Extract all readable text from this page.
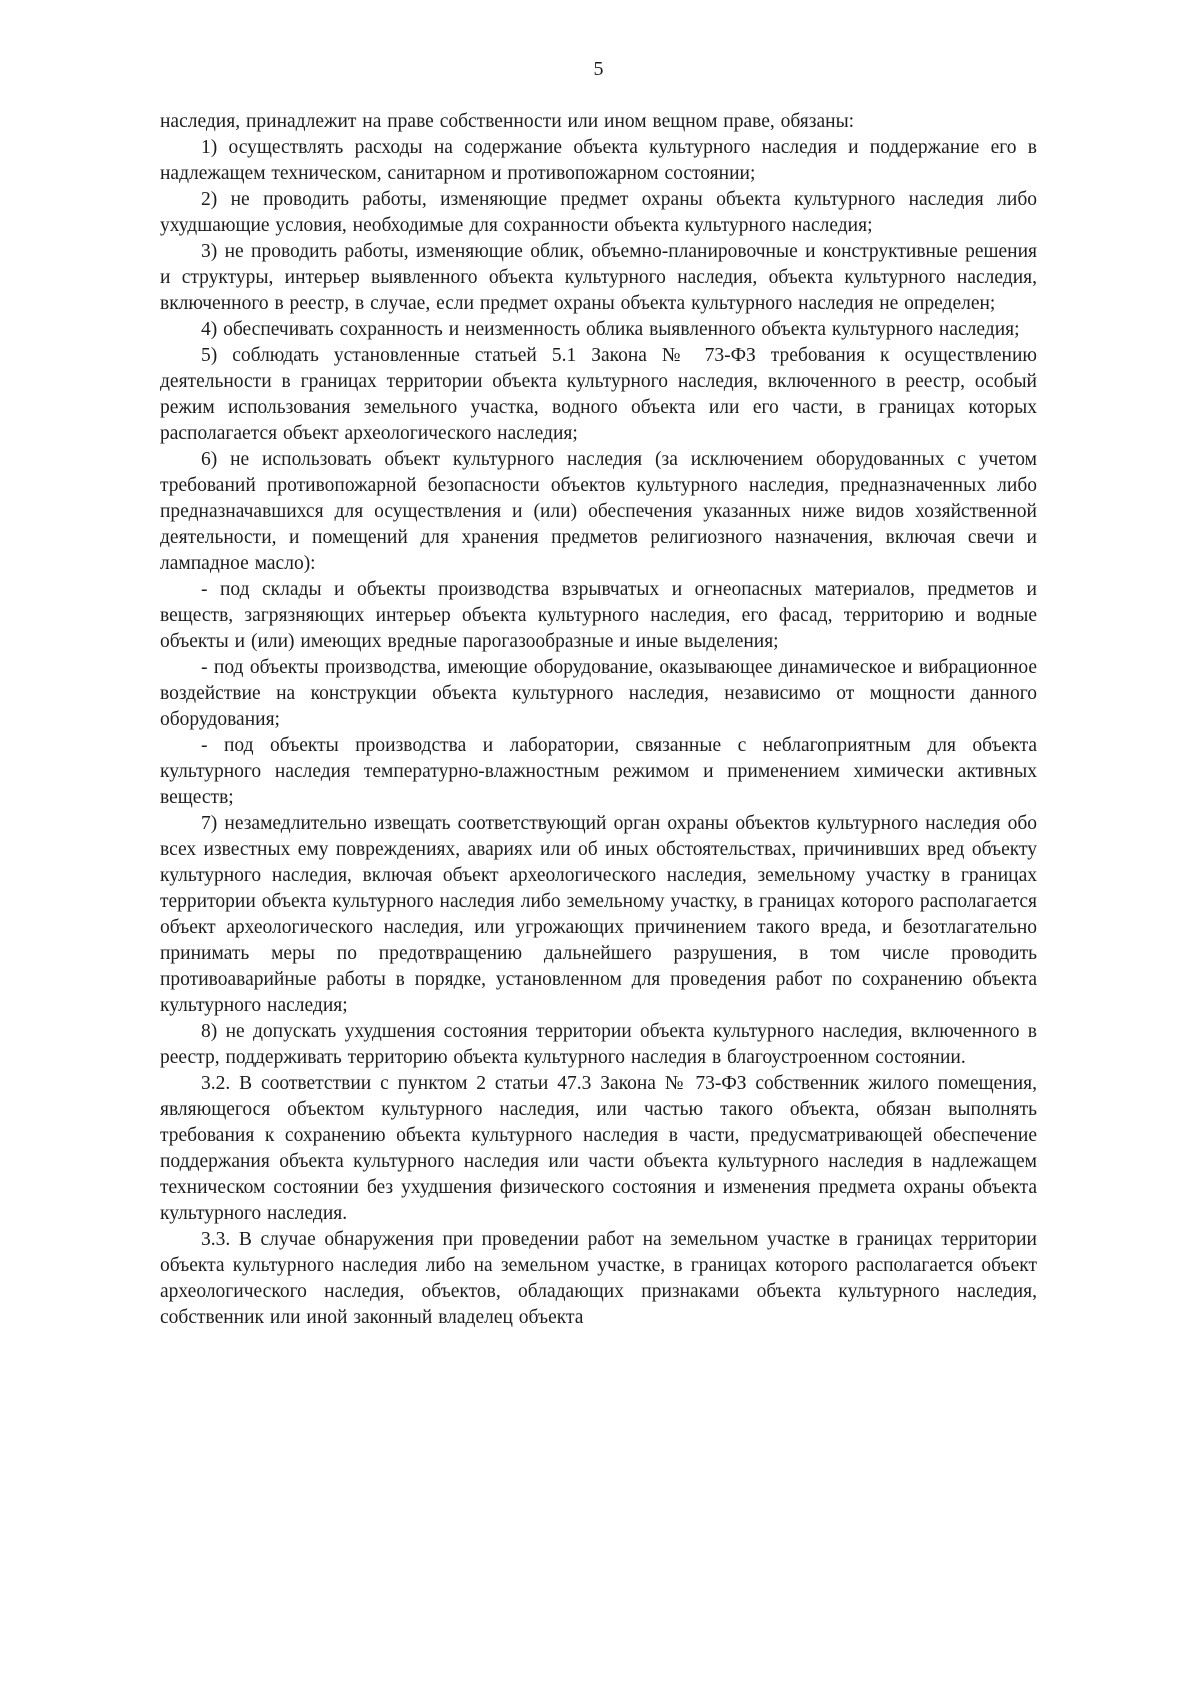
5

наследия, принадлежит на праве собственности или ином вещном праве, обязаны:

1) осуществлять расходы на содержание объекта культурного наследия и поддержание его в надлежащем техническом, санитарном и противопожарном состоянии;

2) не проводить работы, изменяющие предмет охраны объекта культурного наследия либо ухудшающие условия, необходимые для сохранности объекта культурного наследия;

3) не проводить работы, изменяющие облик, объемно-планировочные и конструктивные решения и структуры, интерьер выявленного объекта культурного наследия, объекта культурного наследия, включенного в реестр, в случае, если предмет охраны объекта культурного наследия не определен;

4) обеспечивать сохранность и неизменность облика выявленного объекта культурного наследия;

5) соблюдать установленные статьей 5.1 Закона № 73-ФЗ требования к осуществлению деятельности в границах территории объекта культурного наследия, включенного в реестр, особый режим использования земельного участка, водного объекта или его части, в границах которых располагается объект археологического наследия;

6) не использовать объект культурного наследия (за исключением оборудованных с учетом требований противопожарной безопасности объектов культурного наследия, предназначенных либо предназначавшихся для осуществления и (или) обеспечения указанных ниже видов хозяйственной деятельности, и помещений для хранения предметов религиозного назначения, включая свечи и лампадное масло):

- под склады и объекты производства взрывчатых и огнеопасных материалов, предметов и веществ, загрязняющих интерьер объекта культурного наследия, его фасад, территорию и водные объекты и (или) имеющих вредные парогазообразные и иные выделения;

- под объекты производства, имеющие оборудование, оказывающее динамическое и вибрационное воздействие на конструкции объекта культурного наследия, независимо от мощности данного оборудования;

- под объекты производства и лаборатории, связанные с неблагоприятным для объекта культурного наследия температурно-влажностным режимом и применением химически активных веществ;

7) незамедлительно извещать соответствующий орган охраны объектов культурного наследия обо всех известных ему повреждениях, авариях или об иных обстоятельствах, причинивших вред объекту культурного наследия, включая объект археологического наследия, земельному участку в границах территории объекта культурного наследия либо земельному участку, в границах которого располагается объект археологического наследия, или угрожающих причинением такого вреда, и безотлагательно принимать меры по предотвращению дальнейшего разрушения, в том числе проводить противоаварийные работы в порядке, установленном для проведения работ по сохранению объекта культурного наследия;

8) не допускать ухудшения состояния территории объекта культурного наследия, включенного в реестр, поддерживать территорию объекта культурного наследия в благоустроенном состоянии.

3.2. В соответствии с пунктом 2 статьи 47.3 Закона № 73-ФЗ собственник жилого помещения, являющегося объектом культурного наследия, или частью такого объекта, обязан выполнять требования к сохранению объекта культурного наследия в части, предусматривающей обеспечение поддержания объекта культурного наследия или части объекта культурного наследия в надлежащем техническом состоянии без ухудшения физического состояния и изменения предмета охраны объекта культурного наследия.

3.3. В случае обнаружения при проведении работ на земельном участке в границах территории объекта культурного наследия либо на земельном участке, в границах которого располагается объект археологического наследия, объектов, обладающих признаками объекта культурного наследия, собственник или иной законный владелец объекта
